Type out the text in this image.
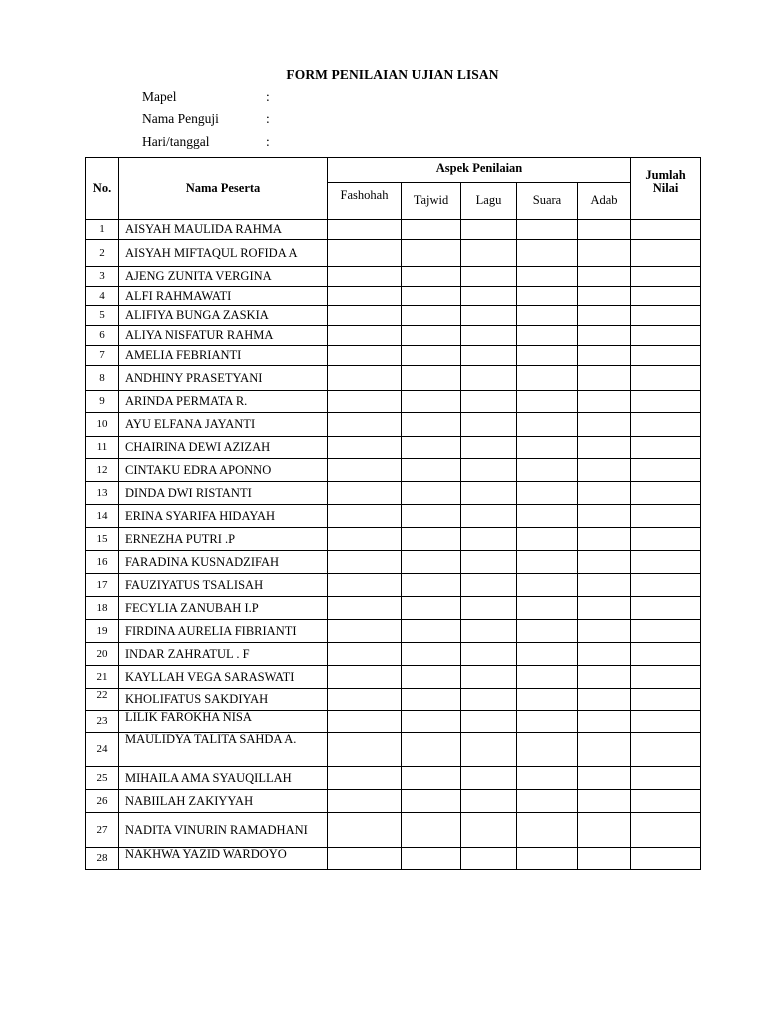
FORM PENILAIAN UJIAN LISAN
Mapel	:
Nama Penguji	:
Hari/tanggal	:
No.	Nama Peserta	Aspek Penilaian					Jumlah Nilai
		Fashohah	Tajwid	Lagu	Suara	Adab	
1	AISYAH MAULIDA RAHMA						
2	AISYAH MIFTAQUL ROFIDA A						
3	AJENG ZUNITA VERGINA						
4	ALFI RAHMAWATI						
5	ALIFIYA BUNGA ZASKIA						
6	ALIYA NISFATUR RAHMA						
7	AMELIA FEBRIANTI						
8	ANDHINY PRASETYANI						
9	ARINDA PERMATA R.						
10	AYU ELFANA JAYANTI						
11	CHAIRINA DEWI AZIZAH						
12	CINTAKU EDRA APONNO						
13	DINDA DWI RISTANTI						
14	ERINA SYARIFA HIDAYAH						
15	ERNEZHA PUTRI .P						
16	FARADINA KUSNADZIFAH						
17	FAUZIYATUS TSALISAH						
18	FECYLIA ZANUBAH I.P						
19	FIRDINA AURELIA FIBRIANTI						
20	INDAR ZAHRATUL . F						
21	KAYLLAH VEGA SARASWATI						
22	KHOLIFATUS SAKDIYAH						
23	LILIK FAROKHA NISA						
24	MAULIDYA TALITA SAHDA A.						
25	MIHAILA AMA SYAUQILLAH						
26	NABIILAH ZAKIYYAH						
27	NADITA VINURIN RAMADHANI						
28	NAKHWA YAZID WARDOYO						
